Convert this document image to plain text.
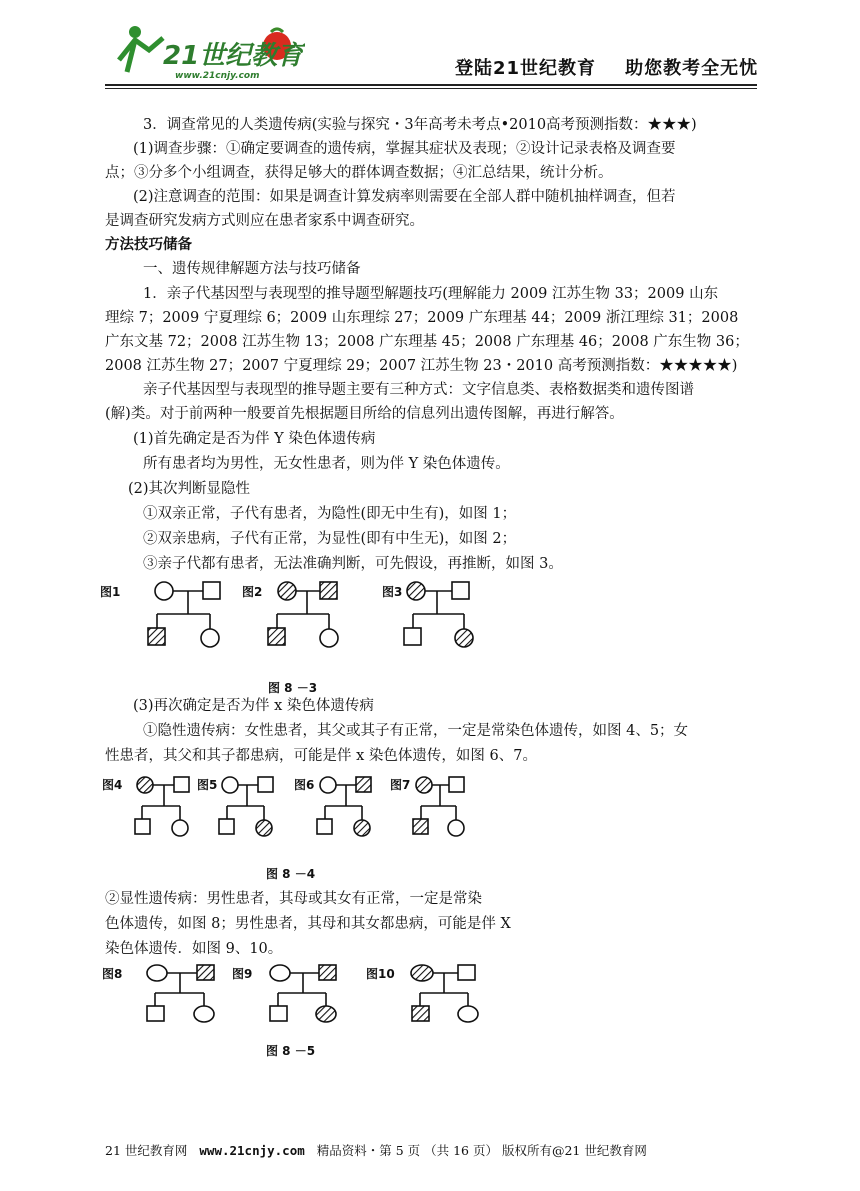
21世纪教育
www.21cnjy.com	登陆21世纪教育    助您教考全无忧
3．调查常见的人类遗传病(实验与探究・3年高考未考点•2010高考预测指数：★★★)
(1)调查步骤：①确定要调查的遗传病，掌握其症状及表现；②设计记录表格及调查要
点；③分多个小组调查，获得足够大的群体调查数据；④汇总结果，统计分析。
(2)注意调查的范围：如果是调查计算发病率则需要在全部人群中随机抽样调查，但若
是调查研究发病方式则应在患者家系中调查研究。
方法技巧储备
一、遗传规律解题方法与技巧储备
1．亲子代基因型与表现型的推导题型解题技巧(理解能力 2009 江苏生物 33；2009 山东
理综 7；2009 宁夏理综 6；2009 山东理综 27；2009 广东理基 44；2009 浙江理综 31；2008
广东文基 72；2008 江苏生物 13；2008 广东理基 45；2008 广东理基 46；2008 广东生物 36；
2008 江苏生物 27；2007 宁夏理综 29；2007 江苏生物 23・2010 高考预测指数：★★★★★)
亲子代基因型与表现型的推导题主要有三种方式：文字信息类、表格数据类和遗传图谱
(解)类。对于前两种一般要首先根据题目所给的信息列出遗传图解，再进行解答。
(1)首先确定是否为伴 Y 染色体遗传病
所有患者均为男性，无女性患者，则为伴 Y 染色体遗传。
(2)其次判断显隐性
①双亲正常，子代有患者，为隐性(即无中生有)，如图 1；
②双亲患病，子代有正常，为显性(即有中生无)，如图 2；
③亲子代都有患者，无法准确判断，可先假设，再推断，如图 3。
图1	图2	图3
图 8 －3
(3)再次确定是否为伴 x 染色体遗传病
①隐性遗传病：女性患者，其父或其子有正常，一定是常染色体遗传，如图 4、5；女
性患者，其父和其子都患病，可能是伴 x 染色体遗传，如图 6、7。
图4	图5	图6	图7
图 8 －4
②显性遗传病：男性患者，其母或其女有正常，一定是常染
色体遗传，如图 8；男性患者，其母和其女都患病，可能是伴 X
染色体遗传．如图 9、10。
图8	图9	图10
图 8 －5
21 世纪教育网 www.21cnjy.com 精品资料・第 5 页 （共 16 页） 版权所有@21 世纪教育网
